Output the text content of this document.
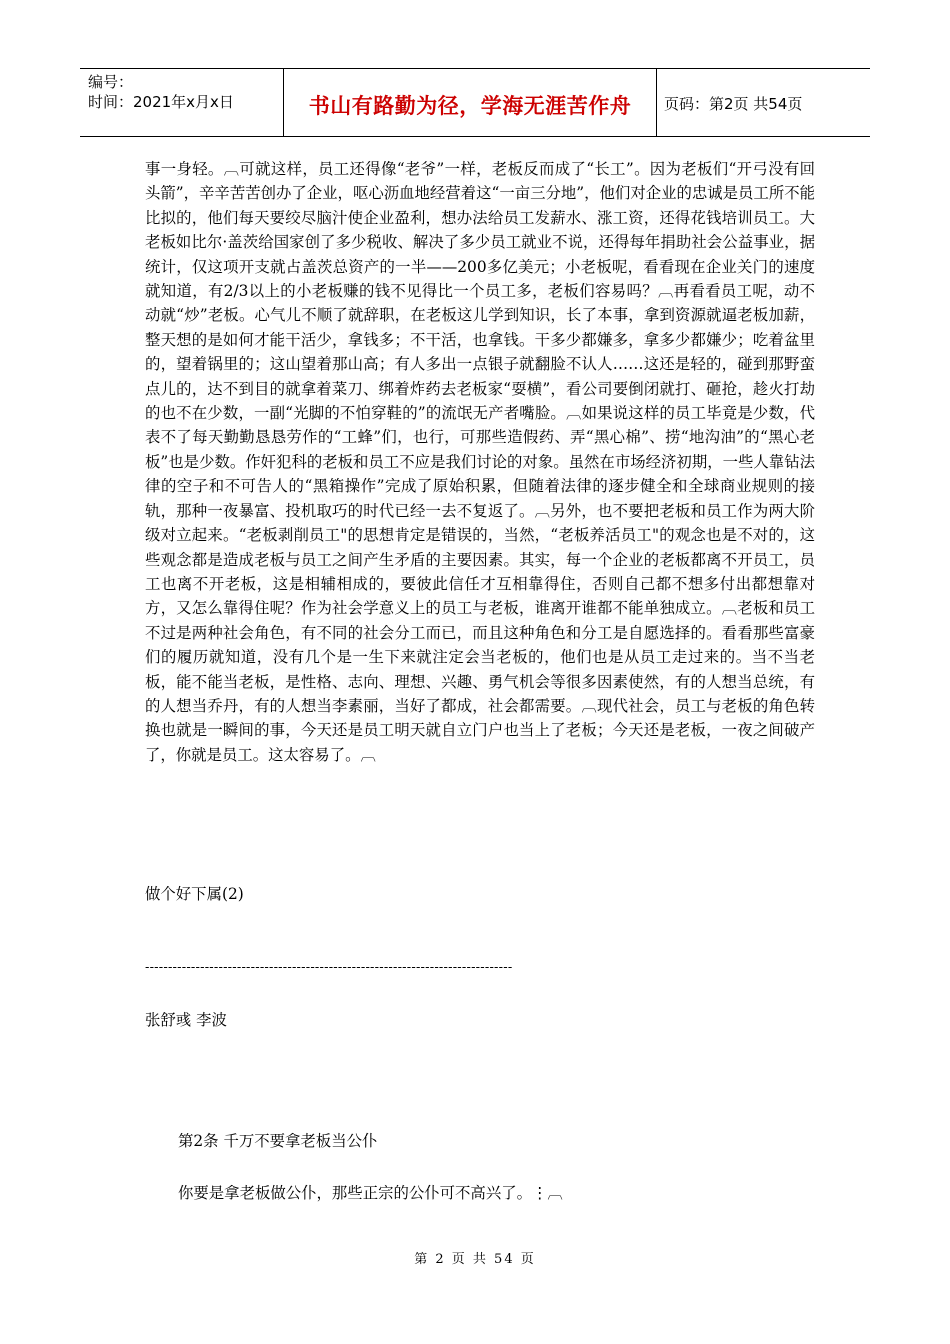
编号：
时间：2021年x月x日	书山有路勤为径，学海无涯苦作舟	页码：第2页 共54页
事一身轻。︹可就这样，员工还得像“老爷”一样，老板反而成了“长工”。因为老板们“开弓没有回头箭”，辛辛苦苦创办了企业，呕心沥血地经营着这“一亩三分地”，他们对企业的忠诚是员工所不能比拟的，他们每天要绞尽脑汁使企业盈利，想办法给员工发薪水、涨工资，还得花钱培训员工。大老板如比尔·盖茨给国家创了多少税收、解决了多少员工就业不说，还得每年捐助社会公益事业，据统计，仅这项开支就占盖茨总资产的一半——200多亿美元；小老板呢，看看现在企业关门的速度就知道，有2/3以上的小老板赚的钱不见得比一个员工多，老板们容易吗？︹再看看员工呢，动不动就“炒”老板。心气儿不顺了就辞职，在老板这儿学到知识，长了本事，拿到资源就逼老板加薪，整天想的是如何才能干活少，拿钱多；不干活，也拿钱。干多少都嫌多，拿多少都嫌少；吃着盆里的，望着锅里的；这山望着那山高；有人多出一点银子就翻脸不认人……这还是轻的，碰到那野蛮点儿的，达不到目的就拿着菜刀、绑着炸药去老板家“耍横”，看公司要倒闭就打、砸抢，趁火打劫的也不在少数，一副“光脚的不怕穿鞋的”的流氓无产者嘴脸。︹如果说这样的员工毕竟是少数，代表不了每天勤勤恳恳劳作的“工蜂”们，也行，可那些造假药、弄“黑心棉”、捞“地沟油”的“黑心老板”也是少数。作奸犯科的老板和员工不应是我们讨论的对象。虽然在市场经济初期，一些人靠钻法律的空子和不可告人的“黑箱操作”完成了原始积累，但随着法律的逐步健全和全球商业规则的接轨，那种一夜暴富、投机取巧的时代已经一去不复返了。︹另外，也不要把老板和员工作为两大阶级对立起来。“老板剥削员工"的思想肯定是错误的，当然，“老板养活员工"的观念也是不对的，这些观念都是造成老板与员工之间产生矛盾的主要因素。其实，每一个企业的老板都离不开员工，员工也离不开老板，这是相辅相成的，要彼此信任才互相靠得住，否则自己都不想多付出都想靠对方，又怎么靠得住呢？作为社会学意义上的员工与老板，谁离开谁都不能单独成立。︹老板和员工不过是两种社会角色，有不同的社会分工而已，而且这种角色和分工是自愿选择的。看看那些富豪们的履历就知道，没有几个是一生下来就注定会当老板的，他们也是从员工走过来的。当不当老板，能不能当老板，是性格、志向、理想、兴趣、勇气机会等很多因素使然，有的人想当总统，有的人想当乔丹，有的人想当李素丽，当好了都成，社会都需要。︹现代社会，员工与老板的角色转换也就是一瞬间的事，今天还是员工明天就自立门户也当上了老板；今天还是老板，一夜之间破产了，你就是员工。这太容易了。︹
做个好下属(2)
--------------------------------------------------------------------------------
张舒彧 李波
第2条 千万不要拿老板当公仆
你要是拿老板做公仆，那些正宗的公仆可不高兴了。⋮︹
第 2 页 共 54 页
